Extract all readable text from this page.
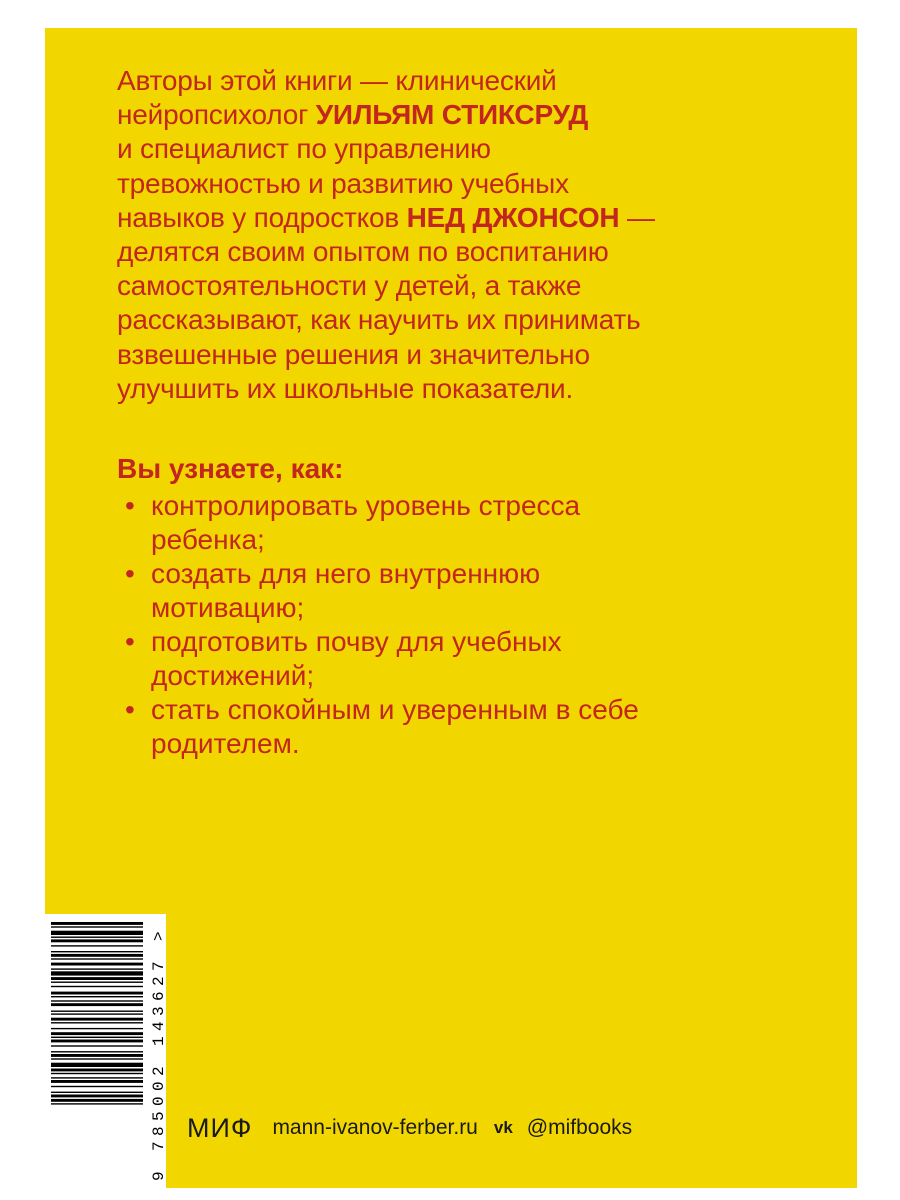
Авторы этой книги — клинический
нейропсихолог УИЛЬЯМ СТИКСРУД
и специалист по управлению
тревожностью и развитию учебных
навыков у подростков НЕД ДЖОНСОН —
делятся своим опытом по воспитанию
самостоятельности у детей, а также
рассказывают, как научить их принимать
взвешенные решения и значительно
улучшить их школьные показатели.

Вы узнаете, как:

• контролировать уровень стресса
ребенка;
• создать для него внутреннюю
мотивацию;
• подготовить почву для учебных
достижений;
• стать спокойным и уверенным в себе
родителем.
9 785002 143627 > МИФ mann-ivanov-ferber.ru vk @mifbooks
